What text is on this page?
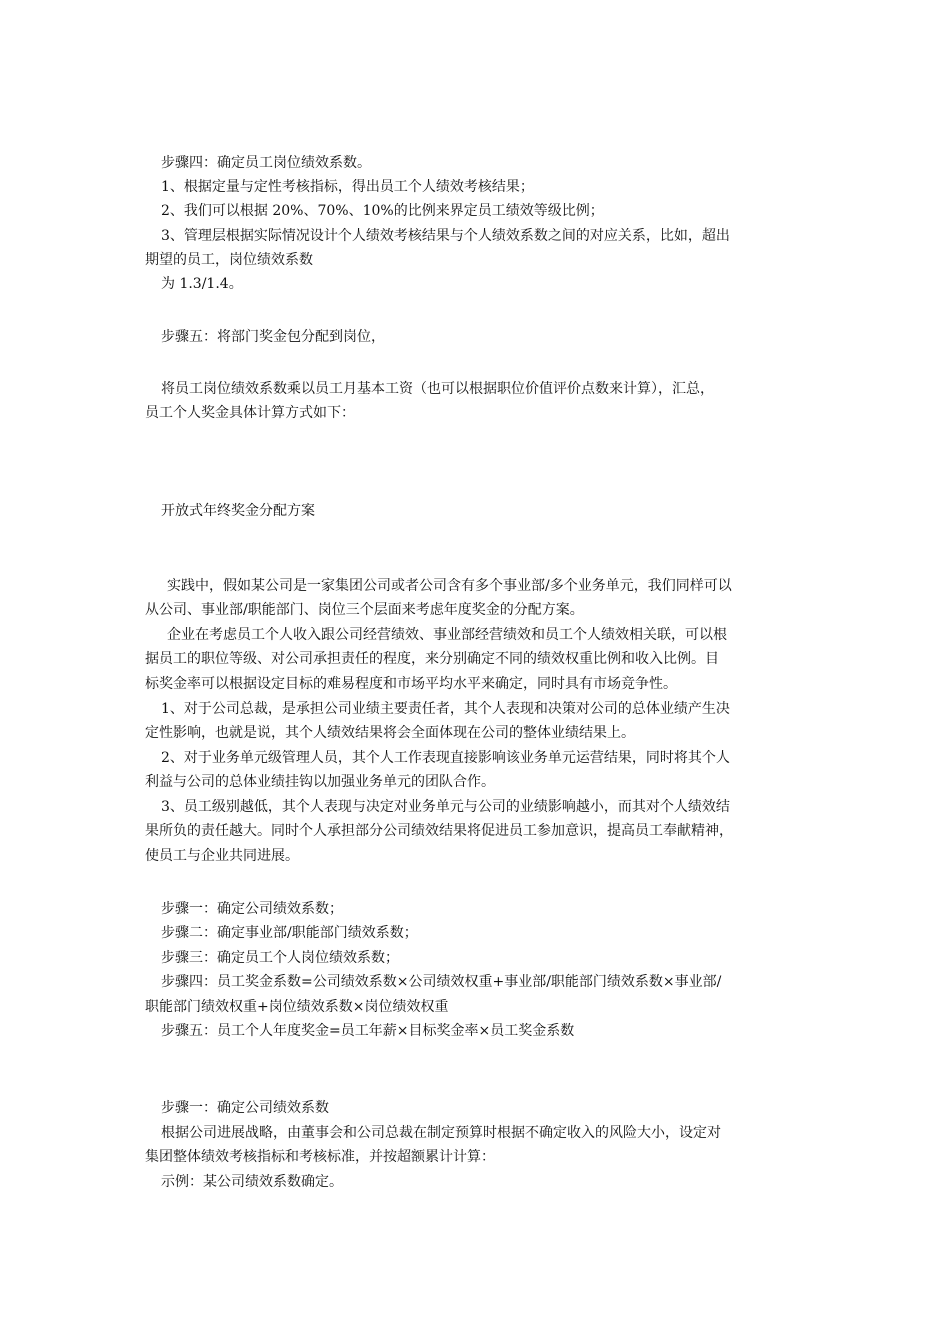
步骤四：确定员工岗位绩效系数。
1、根据定量与定性考核指标，得出员工个人绩效考核结果；
2、我们可以根据 20%、70%、10%的比例来界定员工绩效等级比例；
3、管理层根据实际情况设计个人绩效考核结果与个人绩效系数之间的对应关系，比如，超出
期望的员工，岗位绩效系数
为 1.3/1.4。
步骤五：将部门奖金包分配到岗位，
将员工岗位绩效系数乘以员工月基本工资（也可以根据职位价值评价点数来计算），汇总，
员工个人奖金具体计算方式如下：
开放式年终奖金分配方案
实践中，假如某公司是一家集团公司或者公司含有多个事业部/多个业务单元，我们同样可以
从公司、事业部/职能部门、岗位三个层面来考虑年度奖金的分配方案。
企业在考虑员工个人收入跟公司经营绩效、事业部经营绩效和员工个人绩效相关联，可以根
据员工的职位等级、对公司承担责任的程度，来分别确定不同的绩效权重比例和收入比例。目
标奖金率可以根据设定目标的难易程度和市场平均水平来确定，同时具有市场竞争性。
1、对于公司总裁，是承担公司业绩主要责任者，其个人表现和决策对公司的总体业绩产生决
定性影响，也就是说，其个人绩效结果将会全面体现在公司的整体业绩结果上。
2、对于业务单元级管理人员，其个人工作表现直接影响该业务单元运营结果，同时将其个人
利益与公司的总体业绩挂钩以加强业务单元的团队合作。
3、员工级别越低，其个人表现与决定对业务单元与公司的业绩影响越小，而其对个人绩效结
果所负的责任越大。同时个人承担部分公司绩效结果将促进员工参加意识，提高员工奉献精神，
使员工与企业共同进展。
步骤一：确定公司绩效系数；
步骤二：确定事业部/职能部门绩效系数；
步骤三：确定员工个人岗位绩效系数；
步骤四：员工奖金系数=公司绩效系数×公司绩效权重+事业部/职能部门绩效系数×事业部/
职能部门绩效权重+岗位绩效系数×岗位绩效权重
步骤五：员工个人年度奖金=员工年薪×目标奖金率×员工奖金系数
步骤一：确定公司绩效系数
根据公司进展战略，由董事会和公司总裁在制定预算时根据不确定收入的风险大小，设定对
集团整体绩效考核指标和考核标准，并按超额累计计算：
示例：某公司绩效系数确定。
